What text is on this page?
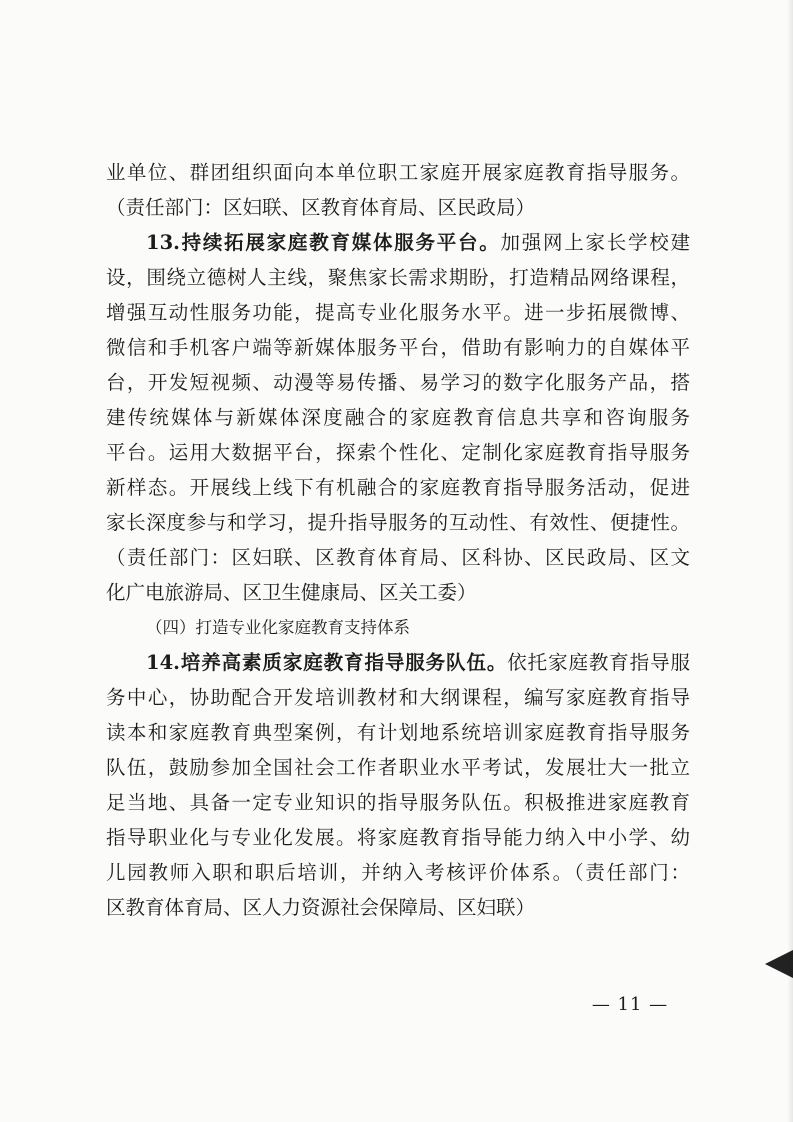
业单位、群团组织面向本单位职工家庭开展家庭教育指导服务。
（责任部门：区妇联、区教育体育局、区民政局）
13.持续拓展家庭教育媒体服务平台。加强网上家长学校建
设，围绕立德树人主线，聚焦家长需求期盼，打造精品网络课程，
增强互动性服务功能，提高专业化服务水平。进一步拓展微博、
微信和手机客户端等新媒体服务平台，借助有影响力的自媒体平
台，开发短视频、动漫等易传播、易学习的数字化服务产品，搭
建传统媒体与新媒体深度融合的家庭教育信息共享和咨询服务
平台。运用大数据平台，探索个性化、定制化家庭教育指导服务
新样态。开展线上线下有机融合的家庭教育指导服务活动，促进
家长深度参与和学习，提升指导服务的互动性、有效性、便捷性。
（责任部门：区妇联、区教育体育局、区科协、区民政局、区文
化广电旅游局、区卫生健康局、区关工委）
（四）打造专业化家庭教育支持体系
14.培养高素质家庭教育指导服务队伍。依托家庭教育指导服
务中心，协助配合开发培训教材和大纲课程，编写家庭教育指导
读本和家庭教育典型案例，有计划地系统培训家庭教育指导服务
队伍，鼓励参加全国社会工作者职业水平考试，发展壮大一批立
足当地、具备一定专业知识的指导服务队伍。积极推进家庭教育
指导职业化与专业化发展。将家庭教育指导能力纳入中小学、幼
儿园教师入职和职后培训，并纳入考核评价体系。（责任部门：
区教育体育局、区人力资源社会保障局、区妇联）
— 11 —
